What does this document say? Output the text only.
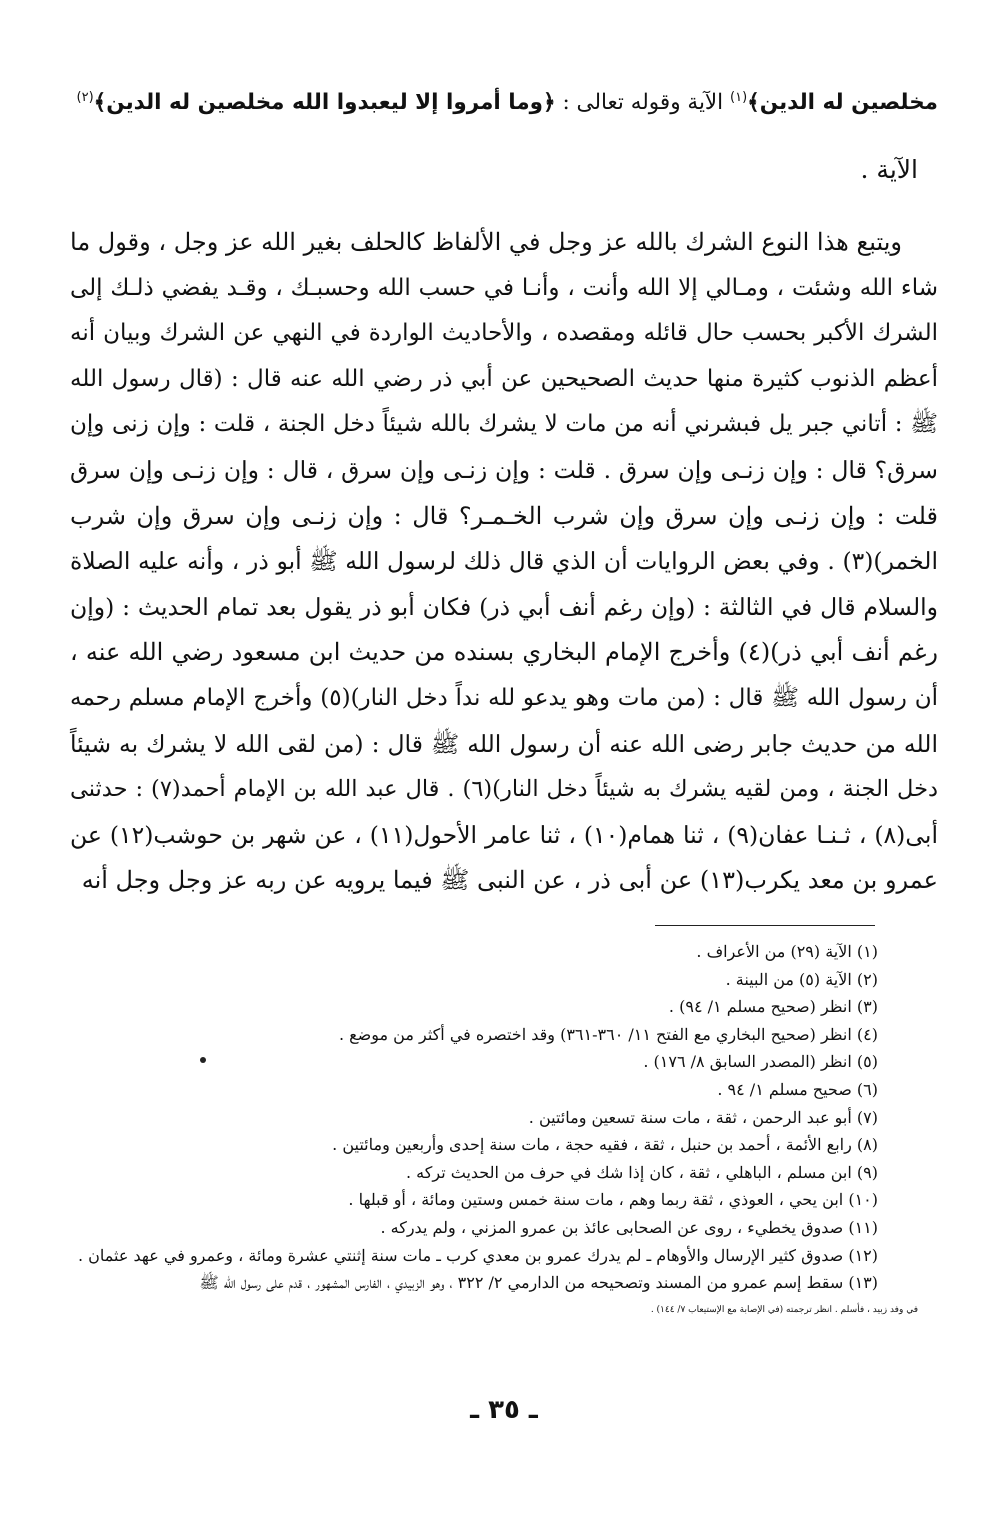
مخلصين له الدين﴾$^{(١)}$ الآية وقوله تعالى : ﴿وما أمروا إلا ليعبدوا الله مخلصين له الدين﴾$^{(٢)}$
الآية .
ويتبع هذا النوع الشرك بالله عز وجل في الألفاظ كالحلف بغير الله عز وجل ، وقول ما
شاء الله وشئت ، ومـالي إلا الله وأنت ، وأنـا في حسب الله وحسبـك ، وقـد يفضي ذلـك إلى
الشرك الأكبر بحسب حال قائله ومقصده ، والأحاديث الواردة في النهي عن الشرك وبيان أنه
أعظم الذنوب كثيرة منها حديث الصحيحين عن أبي ذر رضي الله عنه قال : (قال رسول الله
ﷺ : أتاني جبر يل فبشرني أنه من مات لا يشرك بالله شيئاً دخل الجنة ، قلت : وإن زنى وإن
سرق؟ قال : وإن زنـى وإن سرق . قلت : وإن زنـى وإن سرق ، قال : وإن زنـى وإن سرق
قلت : وإن زنـى وإن سرق وإن شرب الخـمـر؟ قال : وإن زنـى وإن سرق وإن شرب
الخمر)(٣) . وفي بعض الروايات أن الذي قال ذلك لرسول الله ﷺ أبو ذر ، وأنه عليه الصلاة
والسلام قال في الثالثة : (وإن رغم أنف أبي ذر) فكان أبو ذر يقول بعد تمام الحديث : (وإن
رغم أنف أبي ذر)(٤) وأخرج الإمام البخاري بسنده من حديث ابن مسعود رضي الله عنه ،
أن رسول الله ﷺ قال : (من مات وهو يدعو لله نداً دخل النار)(٥) وأخرج الإمام مسلم رحمه
الله من حديث جابر رضى الله عنه أن رسول الله ﷺ قال : (من لقى الله لا يشرك به شيئاً
دخل الجنة ، ومن لقيه يشرك به شيئاً دخل النار)(٦) . قال عبد الله بن الإمام أحمد(٧) : حدثنى
أبى(٨) ، ثـنـا عفان(٩) ، ثنا همام(١٠) ، ثنا عامر الأحول(١١) ، عن شهر بن حوشب(١٢) عن
عمرو بن معد يكرب(١٣) عن أبى ذر ، عن النبى ﷺ فيما يرويه عن ربه عز وجل وجل أنه
(١) الآية (٢٩) من الأعراف .
(٢) الآية (٥) من البينة .
(٣) انظر (صحيح مسلم ١/ ٩٤) .
(٤) انظر (صحيح البخاري مع الفتح ١١/ ٣٦٠-٣٦١) وقد اختصره في أكثر من موضع .
(٥) انظر (المصدر السابق ٨/ ١٧٦) .
(٦) صحيح مسلم ١/ ٩٤ .
(٧) أبو عبد الرحمن ، ثقة ، مات سنة تسعين ومائتين .
(٨) رابع الأئمة ، أحمد بن حنبل ، ثقة ، فقيه حجة ، مات سنة إحدى وأربعين ومائتين .
(٩) ابن مسلم ، الباهلي ، ثقة ، كان إذا شك في حرف من الحديث تركه .
(١٠) ابن يحي ، العوذي ، ثقة ربما وهم ، مات سنة خمس وستين ومائة ، أو قبلها .
(١١) صدوق يخطيء ، روى عن الصحابى عائذ بن عمرو المزني ، ولم يدركه .
(١٢) صدوق كثير الإرسال والأوهام ـ لم يدرك عمرو بن معدي كرب ـ مات سنة إثنتي عشرة ومائة ، وعمرو في عهد عثمان .
(١٣) سقط إسم عمرو من المسند وتصحيحه من الدارمي ٢/ ٣٢٢ ، وهو الزبيدي ، الفارس المشهور ، قدم على رسول الله ﷺ
في وفد زبيد ، فأسلم . انظر ترجمته (في الإصابة مع الإستيعاب ٧/ ١٤٤) .
ـ ٣٥ ـ
